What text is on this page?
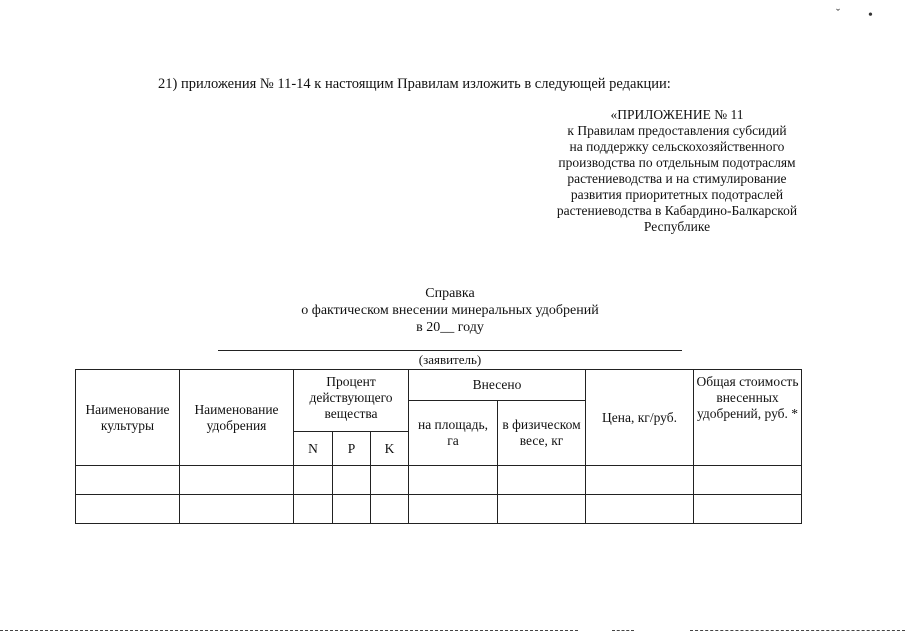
21) приложения № 11-14 к настоящим Правилам изложить в следующей редакции:
«ПРИЛОЖЕНИЕ № 11
к Правилам предоставления субсидий
на поддержку сельскохозяйственного
производства по отдельным подотраслям
растениеводства и на стимулирование
развития приоритетных подотраслей
растениеводства в Кабардино-Балкарской
Республике
Справка
о фактическом внесении минеральных удобрений
в 20__ году
(заявитель)
Наименование культуры	Наименование удобрения	Процент действующего вещества			Внесено		Цена, кг/руб.	Общая стоимость внесенных удобрений, руб. *
					на площадь, га	в физическом весе, кг		
		N	P	K				

ˇ •
